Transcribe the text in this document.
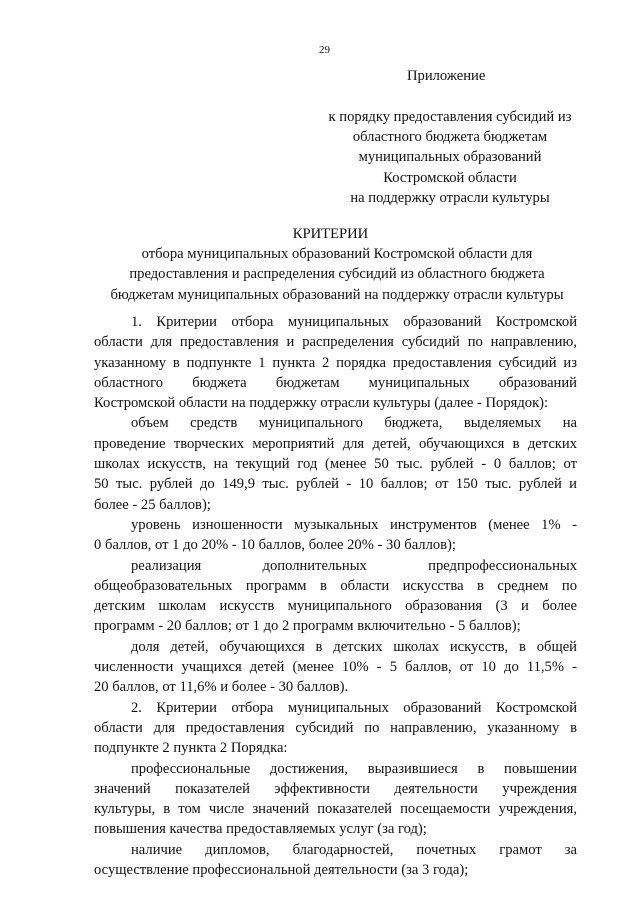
29
Приложение
к порядку предоставления субсидий из
областного бюджета бюджетам
муниципальных образований
Костромской области
на поддержку отрасли культуры
КРИТЕРИИ
отбора муниципальных образований Костромской области для
предоставления и распределения субсидий из областного бюджета
бюджетам муниципальных образований на поддержку отрасли культуры
1. Критерии отбора муниципальных образований Костромской
области для предоставления и распределения субсидий по направлению,
указанному в подпункте 1 пункта 2 порядка предоставления субсидий из
областного бюджета бюджетам муниципальных образований
Костромской области на поддержку отрасли культуры (далее - Порядок):
объем средств муниципального бюджета, выделяемых на
проведение творческих мероприятий для детей, обучающихся в детских
школах искусств, на текущий год (менее 50 тыс. рублей - 0 баллов; от
50 тыс. рублей до 149,9 тыс. рублей - 10 баллов; от 150 тыс. рублей и
более - 25 баллов);
уровень изношенности музыкальных инструментов (менее 1% -
0 баллов, от 1 до 20% - 10 баллов, более 20% - 30 баллов);
реализация дополнительных предпрофессиональных
общеобразовательных программ в области искусства в среднем по
детским школам искусств муниципального образования (3 и более
программ - 20 баллов; от 1 до 2 программ включительно - 5 баллов);
доля детей, обучающихся в детских школах искусств, в общей
численности учащихся детей (менее 10% - 5 баллов, от 10 до 11,5% -
20 баллов, от 11,6% и более - 30 баллов).
2. Критерии отбора муниципальных образований Костромской
области для предоставления субсидий по направлению, указанному в
подпункте 2 пункта 2 Порядка:
профессиональные достижения, выразившиеся в повышении
значений показателей эффективности деятельности учреждения
культуры, в том числе значений показателей посещаемости учреждения,
повышения качества предоставляемых услуг (за год);
наличие дипломов, благодарностей, почетных грамот за
осуществление профессиональной деятельности (за 3 года);
